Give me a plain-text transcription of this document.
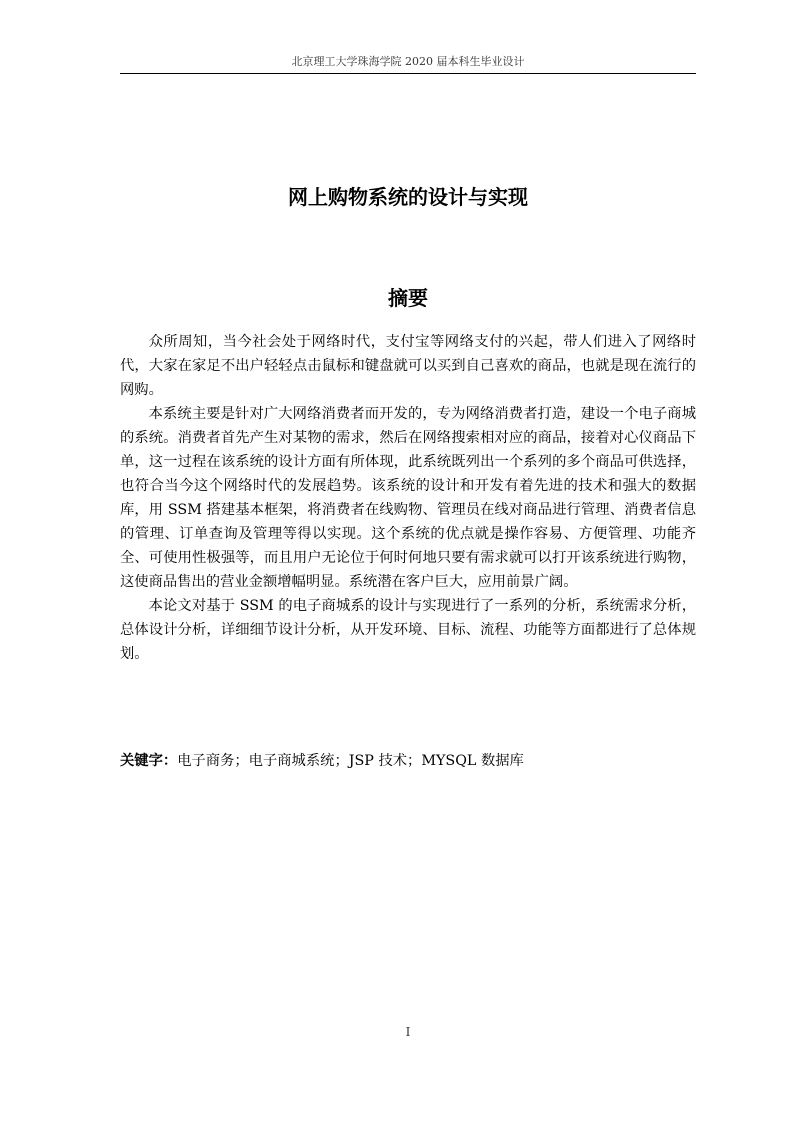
北京理工大学珠海学院 2020 届本科生毕业设计
网上购物系统的设计与实现
摘要

众所周知，当今社会处于网络时代，支付宝等网络支付的兴起，带人们进入了网络时代，大家在家足不出户轻轻点击鼠标和键盘就可以买到自己喜欢的商品，也就是现在流行的网购。

本系统主要是针对广大网络消费者而开发的，专为网络消费者打造，建设一个电子商城的系统。消费者首先产生对某物的需求，然后在网络搜索相对应的商品，接着对心仪商品下单，这一过程在该系统的设计方面有所体现，此系统既列出一个系列的多个商品可供选择，也符合当今这个网络时代的发展趋势。该系统的设计和开发有着先进的技术和强大的数据库，用 SSM 搭建基本框架，将消费者在线购物、管理员在线对商品进行管理、消费者信息的管理、订单查询及管理等得以实现。这个系统的优点就是操作容易、方便管理、功能齐全、可使用性极强等，而且用户无论位于何时何地只要有需求就可以打开该系统进行购物，这使商品售出的营业金额增幅明显。系统潜在客户巨大，应用前景广阔。

本论文对基于 SSM 的电子商城系的设计与实现进行了一系列的分析，系统需求分析，总体设计分析，详细细节设计分析，从开发环境、目标、流程、功能等方面都进行了总体规划。

关键字：电子商务；电子商城系统；JSP 技术；MYSQL 数据库

I
